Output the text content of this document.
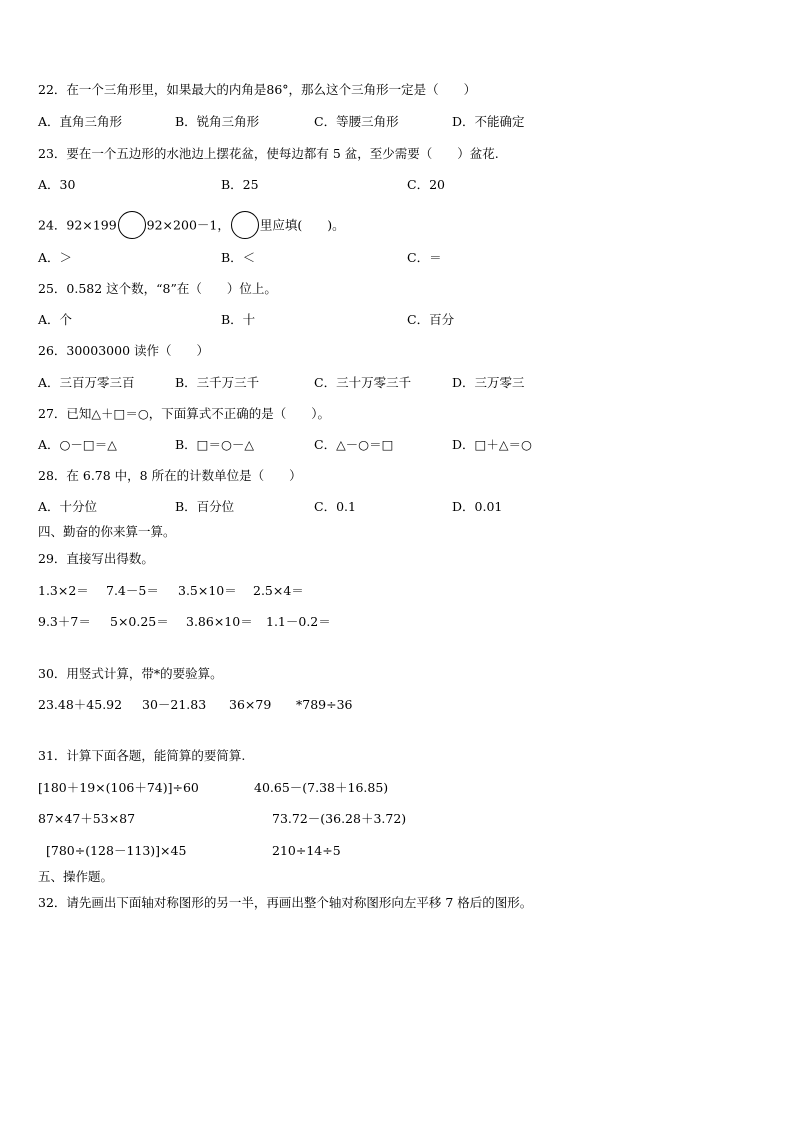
22．在一个三角形里，如果最大的内角是86°，那么这个三角形一定是（　　）
A．直角三角形	B．锐角三角形	C．等腰三角形	D．不能确定
23．要在一个五边形的水池边上摆花盆，使每边都有 5 盆，至少需要（　　）盆花.
A．30	B．25	C．20
24．92×199 92×200－1， 里应填(　　)。
A．＞	B．＜	C．＝
25．0.582 这个数，“8”在（　　）位上。
A．个	B．十	C．百分
26．30003000 读作（　　）
A．三百万零三百	B．三千万三千	C．三十万零三千	D．三万零三
27．已知△＋□＝○，下面算式不正确的是（　　）。
A．○－□＝△	B．□＝○－△	C．△－○＝□	D．□＋△＝○
28．在 6.78 中，8 所在的计数单位是（　　）
A．十分位	B．百分位	C．0.1	D．0.01
四、勤奋的你来算一算。
29．直接写出得数。
1.3×2＝ 7.4－5＝ 3.5×10＝ 2.5×4＝
9.3＋7＝ 5×0.25＝ 3.86×10＝ 1.1－0.2＝
30．用竖式计算，带*的要验算。
23.48＋45.92 30－21.83 36×79 *789÷36
31．计算下面各题，能简算的要简算.
[180＋19×(106＋74)]÷60	40.65－(7.38＋16.85)
87×47＋53×87	73.72－(36.28＋3.72)
[780÷(128－113)]×45	210÷14÷5
五、操作题。
32．请先画出下面轴对称图形的另一半，再画出整个轴对称图形向左平移 7 格后的图形。
